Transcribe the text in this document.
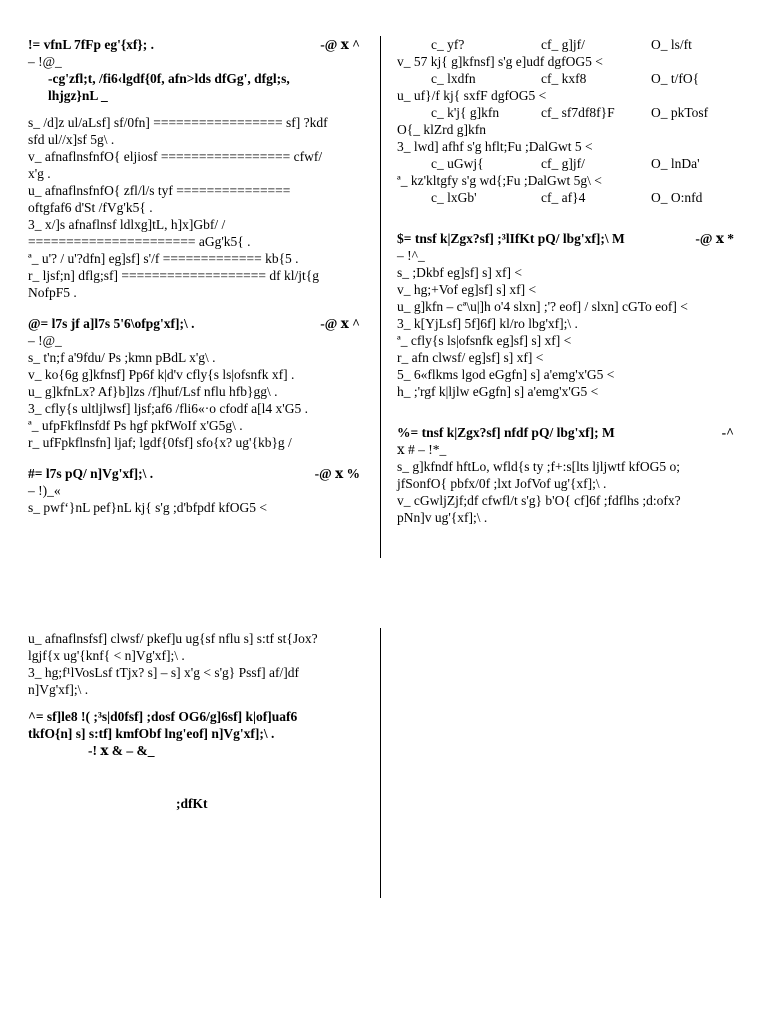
!= vfnL 7fFp eg'{xf}; .	-@ ⅹ ^
– !@_
-cg'zfl;t, /fi6‹lgdf{0f, afn>lds dfGg', dfgl;s,
lhjgz}nL _
s_ /d]z ul/aLsf] sf/0fn] ================= sf] ?kdf
sfd ul//x]sf 5g\ .
v_ afnaflnsfnfO{ eljiosf ================= cfwf/
x'g .
u_ afnaflnsfnfO{ zfl/l/s tyf ===============
oftgfaf6 d'St /fVg'k5{ .
3_ x/]s afnaflnsf ldlxg]tL, h]x]Gbf/ /
====================== aGg'k5{ .
ª_ u'? / u'?dfn] eg]sf] s'/f ============= kb{5 .
r_ ljsf;n] dflg;sf] =================== df kl/jt{g
NofpF5 .
@= l7s jf a]l7s 5'6\ofpg'xf];\ .	-@ ⅹ ^
– !@_
s_ t'n;f a'9fdu/ Ps ;kmn pBdL x'g\ .
v_ ko{6g g]kfnsf] Pp6f k|d'v cfly{s ls|ofsnfk xf] .
u_ g]kfnLx? Af}b]lzs /f]huf/Lsf nflu hfb}gg\ .
3_ cfly{s ultljlwsf] ljsf;af6 /fli6«·o cfodf a[l4 x'G5 .
ª_ ufpFkflnsfdf Ps hgf pkfWoIf x'G5g\ .
r_ ufFpkflnsfn] ljaf; lgdf{0fsf] sfo{x? ug'{kb}g /
#= l7s pQ/ n]Vg'xf];\ .	-@ ⅹ %
– !)_«
s_ pwf‘}nL pef}nL kj{ s'g ;d'bfpdf kfOG5 <
c_ yf?	cf_ g]jf/	O_ ls/ft
v_ 57 kj{ g]kfnsf] s'g e]udf dgfOG5 <
c_ lxdfn	cf_ kxf8	O_ t/fO{
u_ uf}/f kj{ sxfF dgfOG5 <
c_ k'j{ g]kfn	cf_ sf7df8f}F	O_ pkTosf
O{_ klZrd g]kfn
3_ lwd] afhf s'g hflt;Fu ;DalGwt 5 <
c_ uGwj{	cf_ g]jf/	O_ lnDa'
ª_ kz'kltgfy s'g wd{;Fu ;DalGwt 5g\ <
c_ lxGb'	cf_ af}4	O_ O:nfd
$= tnsf k|Zgx?sf] ;³lIfKt pQ/ lbg'xf];\ M	-@ ⅹ *
– !^_
s_ ;Dkbf eg]sf] s] xf] <
v_ hg;+Vof eg]sf] s] xf] <
u_ g]kfn – cª\u|]h o'4 slxn] ;'? eof] / slxn] cGTo eof] <
3_ k[YjLsf] 5f]6f] kl/ro lbg'xf];\ .
ª_ cfly{s ls|ofsnfk eg]sf] s] xf] <
r_ afn clwsf/ eg]sf] s] xf] <
5_ 6«flkms lgod eGgfn] s] a'emg'x'G5 <
h_ ;'rgf k|ljlw eGgfn] s] a'emg'x'G5 <
%= tnsf k|Zgx?sf] nfdf pQ/ lbg'xf]; M	-^
ⅹ # – !*_
s_ g]kfndf hftLo, wfld{s ty ;f+:s[lts ljljwtf kfOG5 o;
jfSonfO{ pbfx/0f ;lxt JofVof ug'{xf];\ .
v_ cGwljZjf;df cfwfl/t s'g} b'O{ cf]6f ;fdflhs ;d:ofx?
pNn]v ug'{xf];\ .
u_ afnaflnsfsf] clwsf/ pkef]u ug{sf nflu s] s:tf st{Jox?
lgjf{x ug'{knf{ < n]Vg'xf];\ .
3_ hg;f¹lVosLsf tTjx? s] – s] x'g < s'g} Pssf] af/]df
n]Vg'xf];\ .
^= sf]le8 !( ;³s|d0fsf] ;dosf OG6/g]6sf] k|of]uaf6
tkfO{n] s] s:tf] kmfObf lng'eof] n]Vg'xf];\ .
-! ⅹ & – &_
;dfKt
